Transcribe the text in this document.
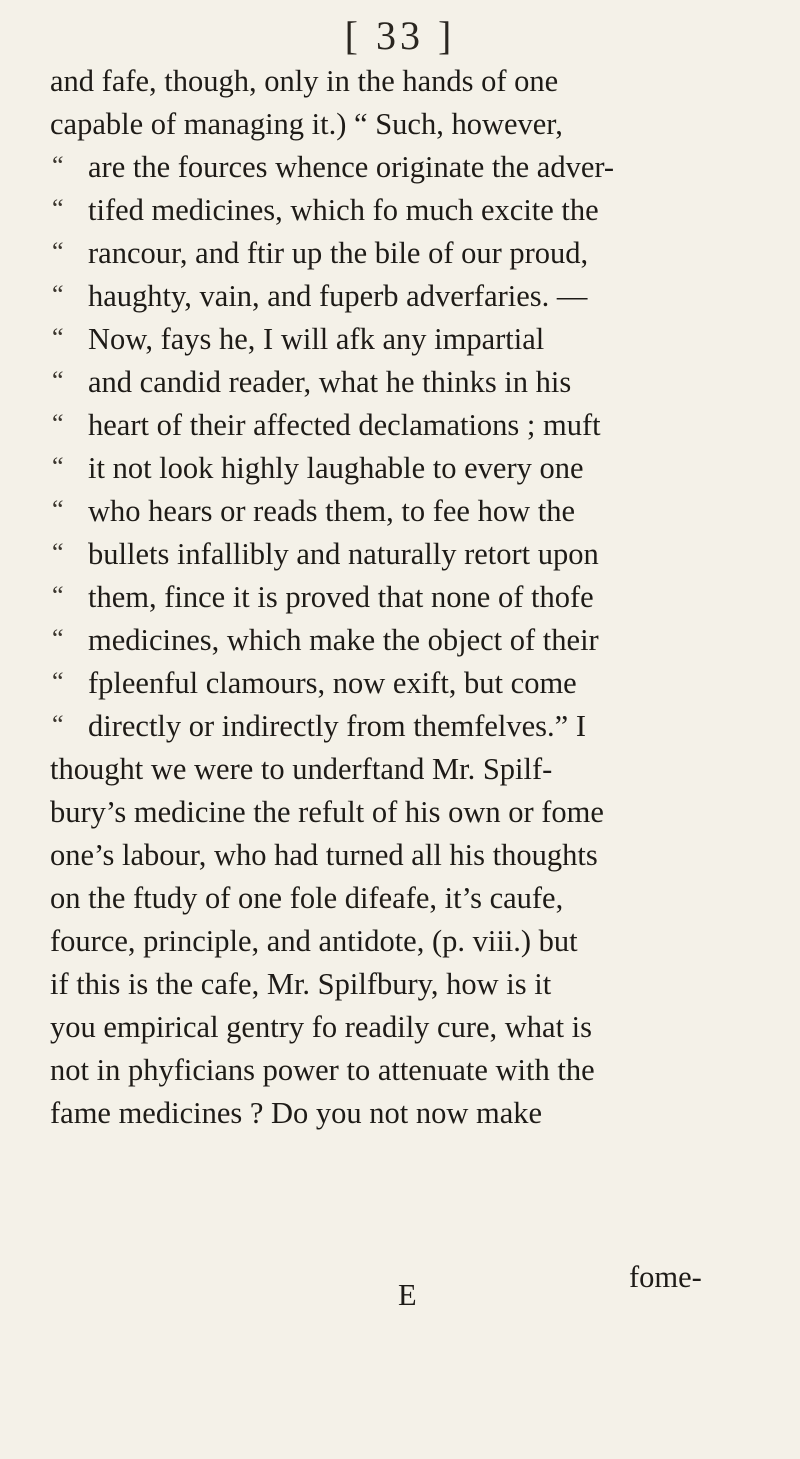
[ 33 ]
and fafe, though, only in the hands of one
capable of managing it.) “ Such, however,
“ are the fources whence originate the adver-
“ tifed medicines, which fo much excite the
“ rancour, and ftir up the bile of our proud,
“ haughty, vain, and fuperb adverfaries. —
“ Now, fays he, I will afk any impartial
“ and candid reader, what he thinks in his
“ heart of their affected declamations ; muft
“ it not look highly laughable to every one
“ who hears or reads them, to fee how the
“ bullets infallibly and naturally retort upon
“ them, fince it is proved that none of thofe
“ medicines, which make the object of their
“ fpleenful clamours, now exift, but come
“ directly or indirectly from themfelves.” I
thought we were to underftand Mr. Spilf-
bury’s medicine the refult of his own or fome
one’s labour, who had turned all his thoughts
on the ftudy of one fole difeafe, it’s caufe,
fource, principle, and antidote, (p. viii.) but
if this is the cafe, Mr. Spilfbury, how is it
you empirical gentry fo readily cure, what is
not in phyficians power to attenuate with the
fame medicines ? Do you not now make
E
fome-
